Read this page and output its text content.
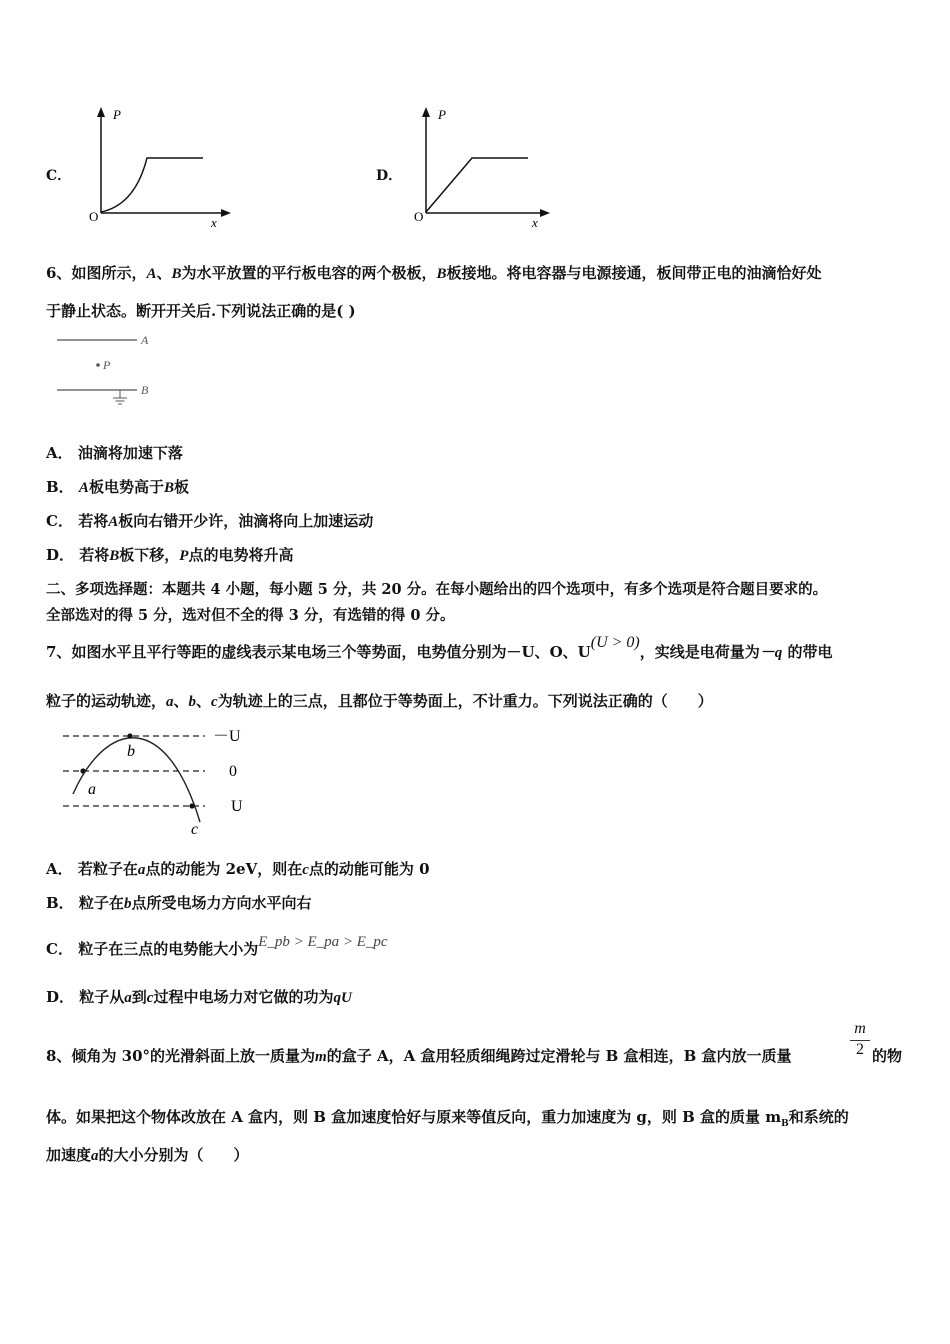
C．
P
x
O
D．
P
x
O
6、如图所示，A、B为水平放置的平行板电容的两个极板，B板接地。将电容器与电源接通，板间带正电的油滴恰好处
于静止状态。断开开关后.下列说法正确的是( )
A
P
B
A． 油滴将加速下落
B． A板电势高于B板
C． 若将A板向右错开少许，油滴将向上加速运动
D． 若将B板下移，P点的电势将升高
二、多项选择题：本题共 4 小题，每小题 5 分，共 20 分。在每小题给出的四个选项中，有多个选项是符合题目要求的。
全部选对的得 5 分，选对但不全的得 3 分，有选错的得 0 分。
7、如图水平且平行等距的虚线表示某电场三个等势面，电势值分别为－U、O、U(U > 0)，实线是电荷量为－q 的带电
粒子的运动轨迹，a、b、c为轨迹上的三点，且都位于等势面上，不计重力。下列说法正确的（　　）
a
b
c
－U
0
U
A． 若粒子在a点的动能为 2eV，则在c点的动能可能为 0
B． 粒子在b点所受电场力方向水平向右
C． 粒子在三点的电势能大小为E_pb > E_pa > E_pc
D． 粒子从a到c过程中电场力对它做的功为qU
8、倾角为 30°的光滑斜面上放一质量为m的盒子 A，A 盒用轻质细绳跨过定滑轮与 B 盒相连，B 盒内放一质量	$\frac{m}{2}$ 的物
体。如果把这个物体改放在 A 盒内，则 B 盒加速度恰好与原来等值反向，重力加速度为 g，则 B 盒的质量 $m_B$和系统的
加速度a的大小分别为（　　）
